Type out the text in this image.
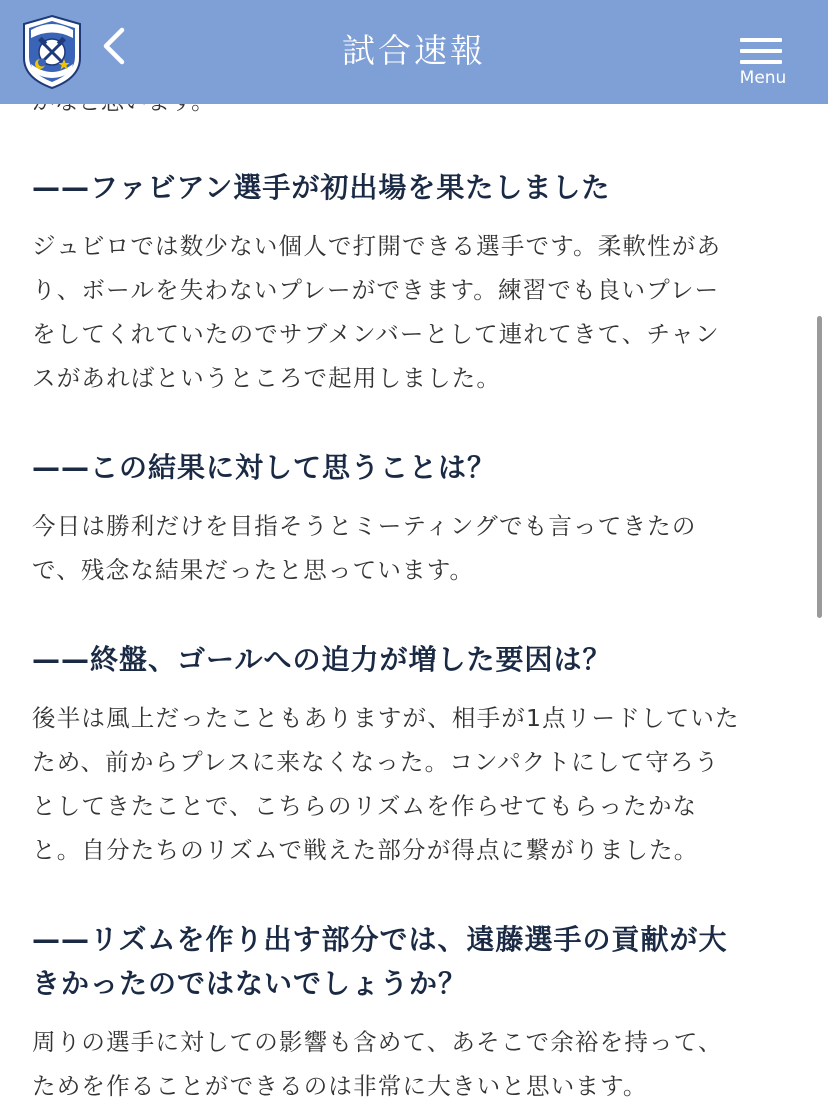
——ファビアン選手が初出場を果たしました

ジュビロでは数少ない個人で打開できる選手です。柔軟性があ

り、ボールを失わないプレーができます。練習でも良いプレー

をしてくれていたのでサブメンバーとして連れてきて、チャン

スがあればというところで起用しました。

——この結果に対して思うことは？

今日は勝利だけを目指そうとミーティングでも言ってきたの

で、残念な結果だったと思っています。

——終盤、ゴールへの迫力が増した要因は？

後半は風上だったこともありますが、相手が1点リードしていた

ため、前からプレスに来なくなった。コンパクトにして守ろう

としてきたことで、こちらのリズムを作らせてもらったかな

と。自分たちのリズムで戦えた部分が得点に繋がりました。

——リズムを作り出す部分では、遠藤選手の貢献が大
きかったのではないでしょうか？

周りの選手に対しての影響も含めて、あそこで余裕を持って、

ためを作ることができるのは非常に大きいと思います。

試合速報
Menu
